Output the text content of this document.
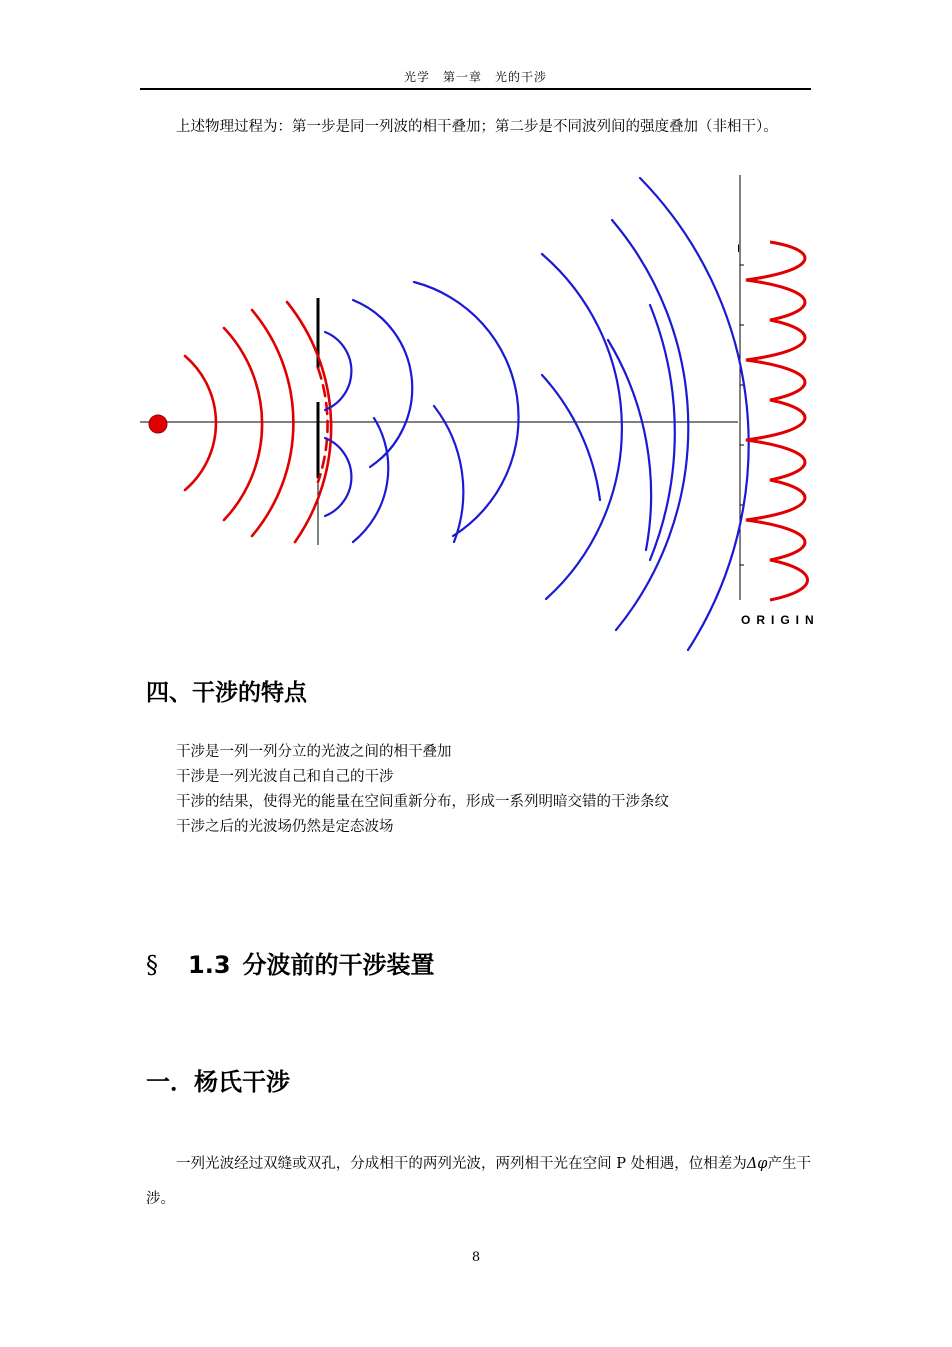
光学　第一章　光的干涉
上述物理过程为：第一步是同一列波的相干叠加；第二步是不同波列间的强度叠加（非相干）。
I
ORIGIN
四、干涉的特点
干涉是一列一列分立的光波之间的相干叠加
干涉是一列光波自己和自己的干涉
干涉的结果，使得光的能量在空间重新分布，形成一系列明暗交错的干涉条纹
干涉之后的光波场仍然是定态波场
§ 1.3 分波前的干涉装置
一．杨氏干涉
一列光波经过双缝或双孔，分成相干的两列光波，两列相干光在空间 P 处相遇，位相差为Δφ产生干涉。
8
